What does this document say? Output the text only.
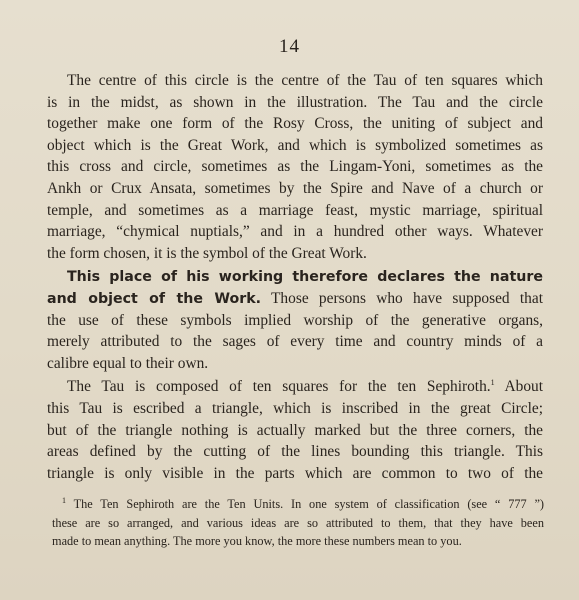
14
The centre of this circle is the centre of the Tau of ten squares which
is in the midst, as shown in the illustration. The Tau and the circle
together make one form of the Rosy Cross, the uniting of subject and
object which is the Great Work, and which is symbolized sometimes as
this cross and circle, sometimes as the Lingam-Yoni, sometimes as the
Ankh or Crux Ansata, sometimes by the Spire and Nave of a church or
temple, and sometimes as a marriage feast, mystic marriage, spiritual
marriage, “chymical nuptials,” and in a hundred other ways. Whatever
the form chosen, it is the symbol of the Great Work.
This place of his working therefore declares the nature
and object of the Work. Those persons who have supposed that
the use of these symbols implied worship of the generative organs,
merely attributed to the sages of every time and country minds of a
calibre equal to their own.
The Tau is composed of ten squares for the ten Sephiroth.$^1$ About
this Tau is escribed a triangle, which is inscribed in the great Circle;
but of the triangle nothing is actually marked but the three corners, the
areas defined by the cutting of the lines bounding this triangle. This
triangle is only visible in the parts which are common to two of the
$^1$ The Ten Sephiroth are the Ten Units. In one system of classification (see “ 777 ”)
these are so arranged, and various ideas are so attributed to them, that they have been
made to mean anything. The more you know, the more these numbers mean to you.
